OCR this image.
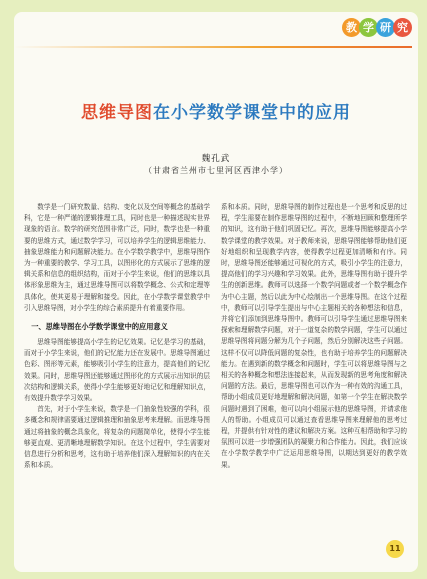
教 学 研 究
思维导图在小学数学课堂中的应用
魏孔武
（甘肃省兰州市七里河区西津小学）

数学是一门研究数量、结构、变化以及空间等概念的基础学科，它是一种严谨的逻辑推理工具，同时也是一种描述现实世界现象的语言。数学的研究范围非常广泛，同时，数学也是一种重要的思维方式，通过数学学习，可以培养学生的逻辑思维能力、抽象思维能力和问题解决能力。在小学数学教学中，思维导图作为一种重要的教学、学习工具，以图形化的方式展示了思维的逻辑关系和信息的组织结构，而对于小学生来说，他们的思维以具体形象思维为主，通过思维导图可以将数学概念、公式和定理等具体化，使其更易于理解和接受。因此，在小学数学课堂教学中引入思维导图，对小学生的综合素质提升有着重要作用。

一、思维导图在小学数学课堂中的应用意义

思维导图能够提高小学生的记忆效果。记忆是学习的基础，而对于小学生来说，他们的记忆能力还在发展中。思维导图通过色彩、图形等元素，能够吸引小学生的注意力，提高他们的记忆效果。同时，思维导图还能够通过图形化的方式展示出知识的层次结构和逻辑关系，使得小学生能够更好地记忆和理解知识点，有效提升数学学习效果。

首先，对于小学生来说，数学是一门抽象性较强的学科，很多概念和规律需要通过逻辑推理和抽象思考来理解。而思维导图通过将抽象的概念具象化，将复杂的问题简单化，使得小学生能够更直观、更清晰地理解数学知识。在这个过程中，学生需要对信息进行分析和思考，这有助于培养他们深入理解知识的内在关系和本质。

系和本质。同时，思维导图的制作过程也是一个思考和反思的过程，学生需要在制作思维导图的过程中，不断地回顾和整理所学的知识，这有助于他们巩固记忆。再次，思维导图能够提高小学数学课堂的教学效果。对于教师来说，思维导图能够帮助他们更好地组织和呈现教学内容，使得教学过程更加清晰和有序。同时，思维导图还能够通过可视化的方式，吸引小学生的注意力，提高他们的学习兴趣和学习效果。此外，思维导图有助于提升学生的创新思维。教师可以选择一个数学问题或者一个数学概念作为中心主题，然后以此为中心绘制出一个思维导图。在这个过程中，教师可以引导学生提出与中心主题相关的各种想法和信息，并将它们添加到思维导图中。教师可以引导学生通过思维导图来探索和理解数学问题，对于一道复杂的数学问题，学生可以通过思维导图将问题分解为几个子问题，然后分别解决这些子问题。这样不仅可以降低问题的复杂性，也有助于培养学生的问题解决能力。在遇到新的数学概念和问题时，学生可以将思维导图与之相关的各种概念和想法连接起来，从而发现新的思考角度和解决问题的方法。最后，思维导图也可以作为一种有效的沟通工具，帮助小组成员更好地理解和解决问题，如第一个学生在解决数学问题时遇到了困难，他可以向小组展示他的思维导图，并请求他人的帮助。小组成员可以通过查看思维导图来理解他的思考过程，并提供有针对性的建议和解决方案。这种互相帮助和学习的氛围可以进一步增强团队的凝聚力和合作能力。因此，我们应该在小学数学教学中广泛运用思维导图，以期达到更好的教学效果。

11
